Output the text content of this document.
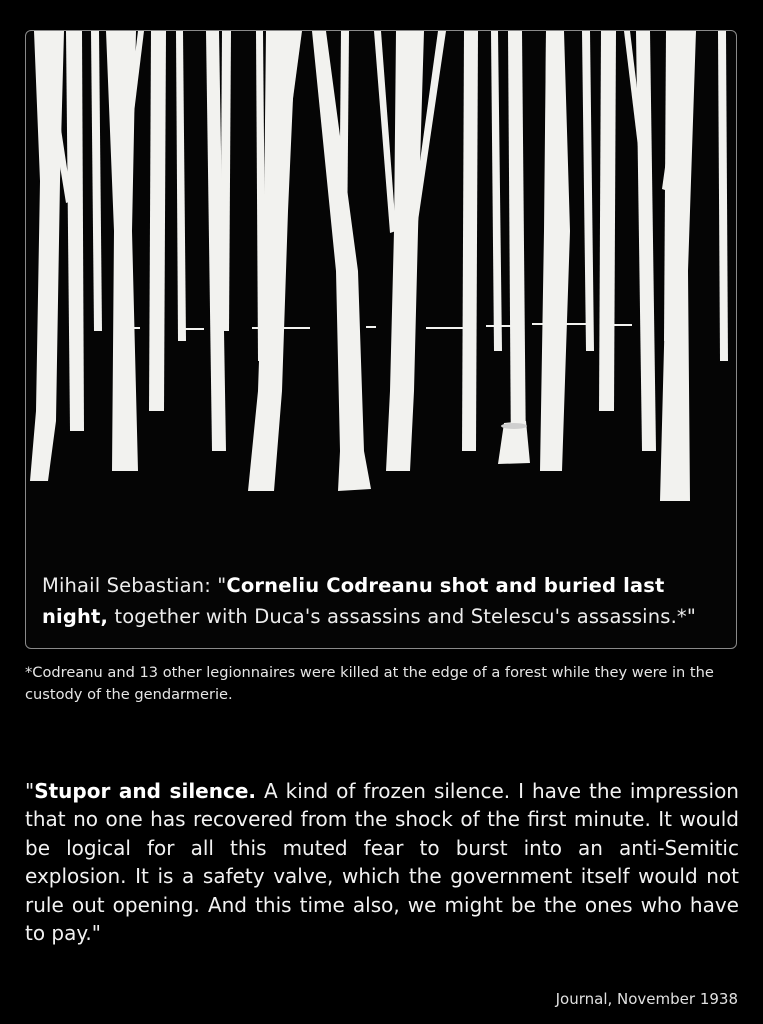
Mihail Sebastian: "Corneliu Codreanu shot and buried last night, together with Duca's assassins and Stelescu's assassins.*"
*Codreanu and 13 other legionnaires were killed at the edge of a forest while they were in the custody of the gendarmerie.
"Stupor and silence. A kind of frozen silence. I have the impression that no one has recovered from the shock of the first minute. It would be logical for all this muted fear to burst into an anti-Semitic explosion. It is a safety valve, which the government itself would not rule out opening. And this time also, we might be the ones who have to pay."
Journal, November 1938
